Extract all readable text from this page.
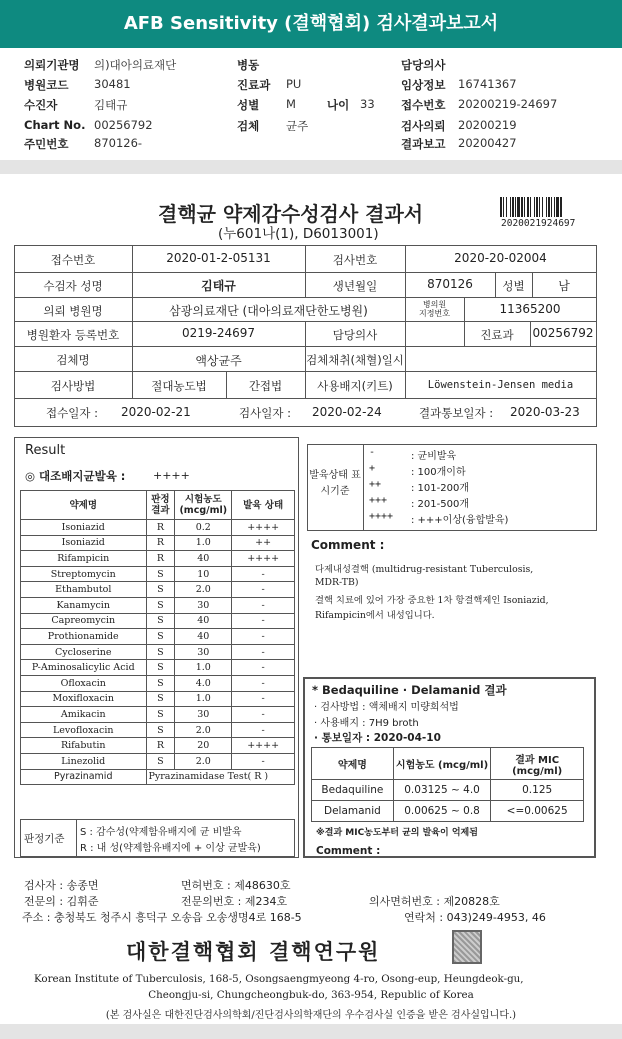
AFB Sensitivity (결핵협회) 검사결과보고서
의뢰기관명 의)대아의료재단
병원코드 30481
수진자	김태규
Chart No. 00256792
주민번호 870126-
병동
진료과 PU
성별 M
검체 균주
나이 33
담당의사
임상정보 16741367
접수번호 20200219-24697
검사의뢰 20200219
결과보고 20200427
결핵균 약제감수성검사 결과서
(누601나(1), D6013001)
2020021924697
접수번호	2020-01-2-05131	검사번호	2020-20-02004
수검자 성명	김태규	생년월일	870126	성별	남
의뢰 병원명	삼광의료재단 (대아의료재단한도병원)	병의원 지정번호	11365200
병원환자 등록번호	0219-24697	담당의사	진료과	00256792
검체명	액상균주	검체채취(채혈)일시
검사방법	절대농도법	간접법	사용배지(키트)	Löwenstein-Jensen media
접수일자 : 2020-02-21	검사일자 : 2020-02-24	결과통보일자 : 2020-03-23
Result
◎ 대조배지균발육 :	++++
약제명	판정 결과	시험농도 (mcg/ml)	발육 상태
Isoniazid	R	0.2	++++
Isoniazid	R	1.0	++
Rifampicin	R	40	++++
Streptomycin	S	10	-
Ethambutol	S	2.0	-
Kanamycin	S	30	-
Capreomycin	S	40	-
Prothionamide	S	40	-
Cycloserine	S	30	-
P-Aminosalicylic Acid	S	1.0	-
Ofloxacin	S	4.0	-
Moxifloxacin	S	1.0	-
Amikacin	S	30	-
Levofloxacin	S	2.0	-
Rifabutin	R	20	++++
Linezolid	S	2.0	-
Pyrazinamid	Pyrazinamidase Test( R )		
판정기준
S : 감수성(약제함유배지에 균 비발육
R : 내 성(약제함유배지에 + 이상 균발육)
발육상태 표시기준
-	: 균비발육
+	: 100개이하
++	: 101-200개
+++ : 201-500개
++++ : +++이상(융합발육)
Comment :
다제내성결핵 (multidrug-resistant Tuberculosis,
MDR-TB)
결핵 치료에 있어 가장 중요한 1차 항결핵제인 Isoniazid,
Rifampicin에서 내성입니다.
* Bedaquiline · Delamanid 결과
· 검사방법 : 액체배지 미량희석법
· 사용배지 : 7H9 broth
· 통보일자 : 2020-04-10
약제명	시험농도 (mcg/ml)	결과 MIC (mcg/ml)
Bedaquiline	0.03125 ~ 4.0	0.125
Delamanid	0.00625 ~ 0.8	<=0.00625
※결과 MIC농도부터 균의 발육이 억제됨
Comment :
검사자 : 송종면	면허번호 : 제48630호
전문의 : 김휘준	전문의번호 : 제234호	의사면허번호 : 제20828호
주소 : 충청북도 청주시 흥덕구 오송읍 오송생명4로 168-5	연락처 : 043)249-4953, 46
대한결핵협회 결핵연구원
Korean Institute of Tuberculosis, 168-5, Osongsaengmyeong 4-ro, Osong-eup, Heungdeok-gu,
Cheongju-si, Chungcheongbuk-do, 363-954, Republic of Korea
(본 검사실은 대한진단검사의학회/진단검사의학재단의 우수검사실 인증을 받은 검사실입니다.)
